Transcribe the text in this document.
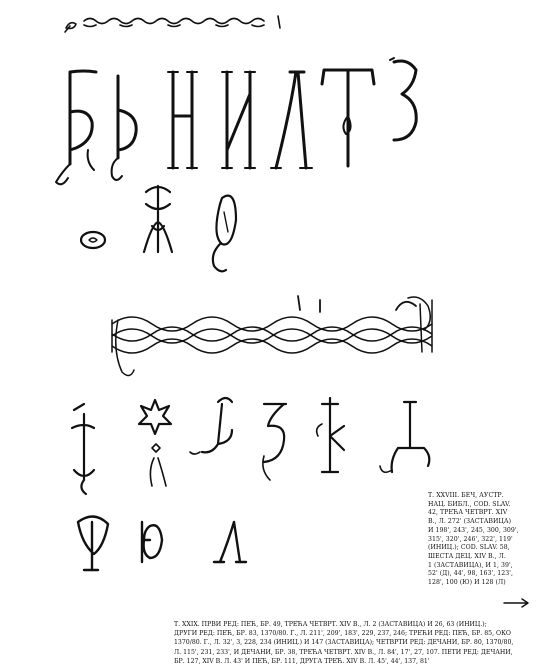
Т. XXVIII. БЕЧ, АУСТР.
НАЦ. БИБЛ., COD. SLAV.
42, ТРЕЋА ЧЕТВРТ. XIV
В., Л. 272' (ЗАСТАВИЦА)
И 198', 243', 245, 300, 309',
315', 320', 246', 322', 119'
(ИНИЦ.); COD. SLAV. 58,
ШЕСТА ДЕЦ. XIV В., Л.
1 (ЗАСТАВИЦА), И 1, 39',
52' (Д), 44', 98, 163', 123',
128', 100 (Ю) И 128 (Л)
Т. XXIX. ПРВИ РЕД: ПЕЋ, БР. 49, ТРЕЋА ЧЕТВРТ. XIV В., Л. 2 (ЗАСТАВИЦА) И 26, 63 (ИНИЦ.);
ДРУГИ РЕД: ПЕЋ, БР. 83, 1370/80. Г., Л. 211', 209', 183', 229, 237, 246; ТРЕЋИ РЕД: ПЕЋ, БР. 85, ОКО
1370/80. Г., Л. 32', 3, 228, 234 (ИНИЦ.) И 147 (ЗАСТАВИЦА); ЧЕТВРТИ РЕД: ДЕЧАНИ, БР. 80, 1370/80,
Л. 115', 231, 233', И ДЕЧАНИ, БР. 38, ТРЕЋА ЧЕТВРТ. XIV В., Л. 84', 17', 27, 107. ПЕТИ РЕД: ДЕЧАНИ,
БР. 127, XIV В. Л. 43' И ПЕЋ, БР. 111, ДРУГА ТРЕЋ. XIV В. Л. 45', 44', 137, 81'
